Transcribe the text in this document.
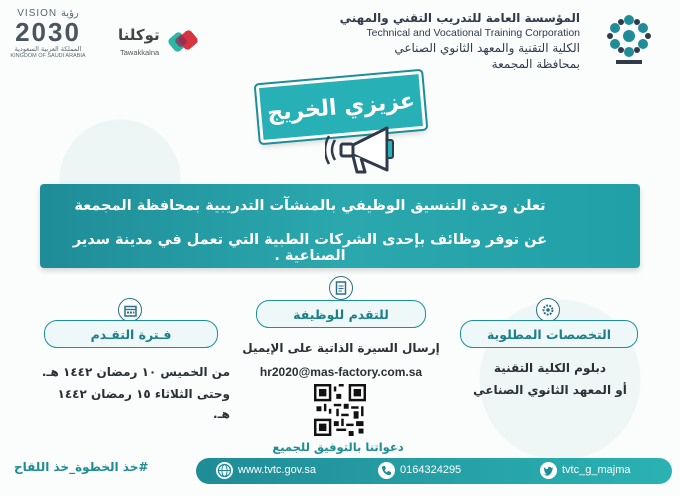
VISION رؤية
2030
المملكة العربية السعودية
KINGDOM OF SAUDI ARABIA
توكلنا
Tawakkalna
المؤسسة العامة للتدريب التقني والمهني
Technical and Vocational Training Corporation
الكلية التقنية والمعهد الثانوي الصناعي
بمحافظة المجمعة
عزيزي الخريج
تعلن وحدة التنسيق الوظيفي بالمنشآت التدريبية بمحافظة المجمعة
عن توفر وظائف بإحدى الشركات الطبية التي تعمل في مدينة سدير الصناعية .
التخصصات المطلوبة
دبلوم الكلية التقنية
أو المعهد الثانوي الصناعي
للتقدم للوظيفة
إرسال السيرة الذاتية على الإيميل
hr2020@mas-factory.com.sa
دعواتنا بالتوفيق للجميع
فـترة التقـدم
من الخميس ١٠ رمضان ١٤٤٢ هـ.
وحتى الثلاثاء ١٥ رمضان ١٤٤٢ هـ.
#خذ الخطوة_خذ اللقاح	www.tvtc.gov.sa	0164324295	tvtc_g_majma
